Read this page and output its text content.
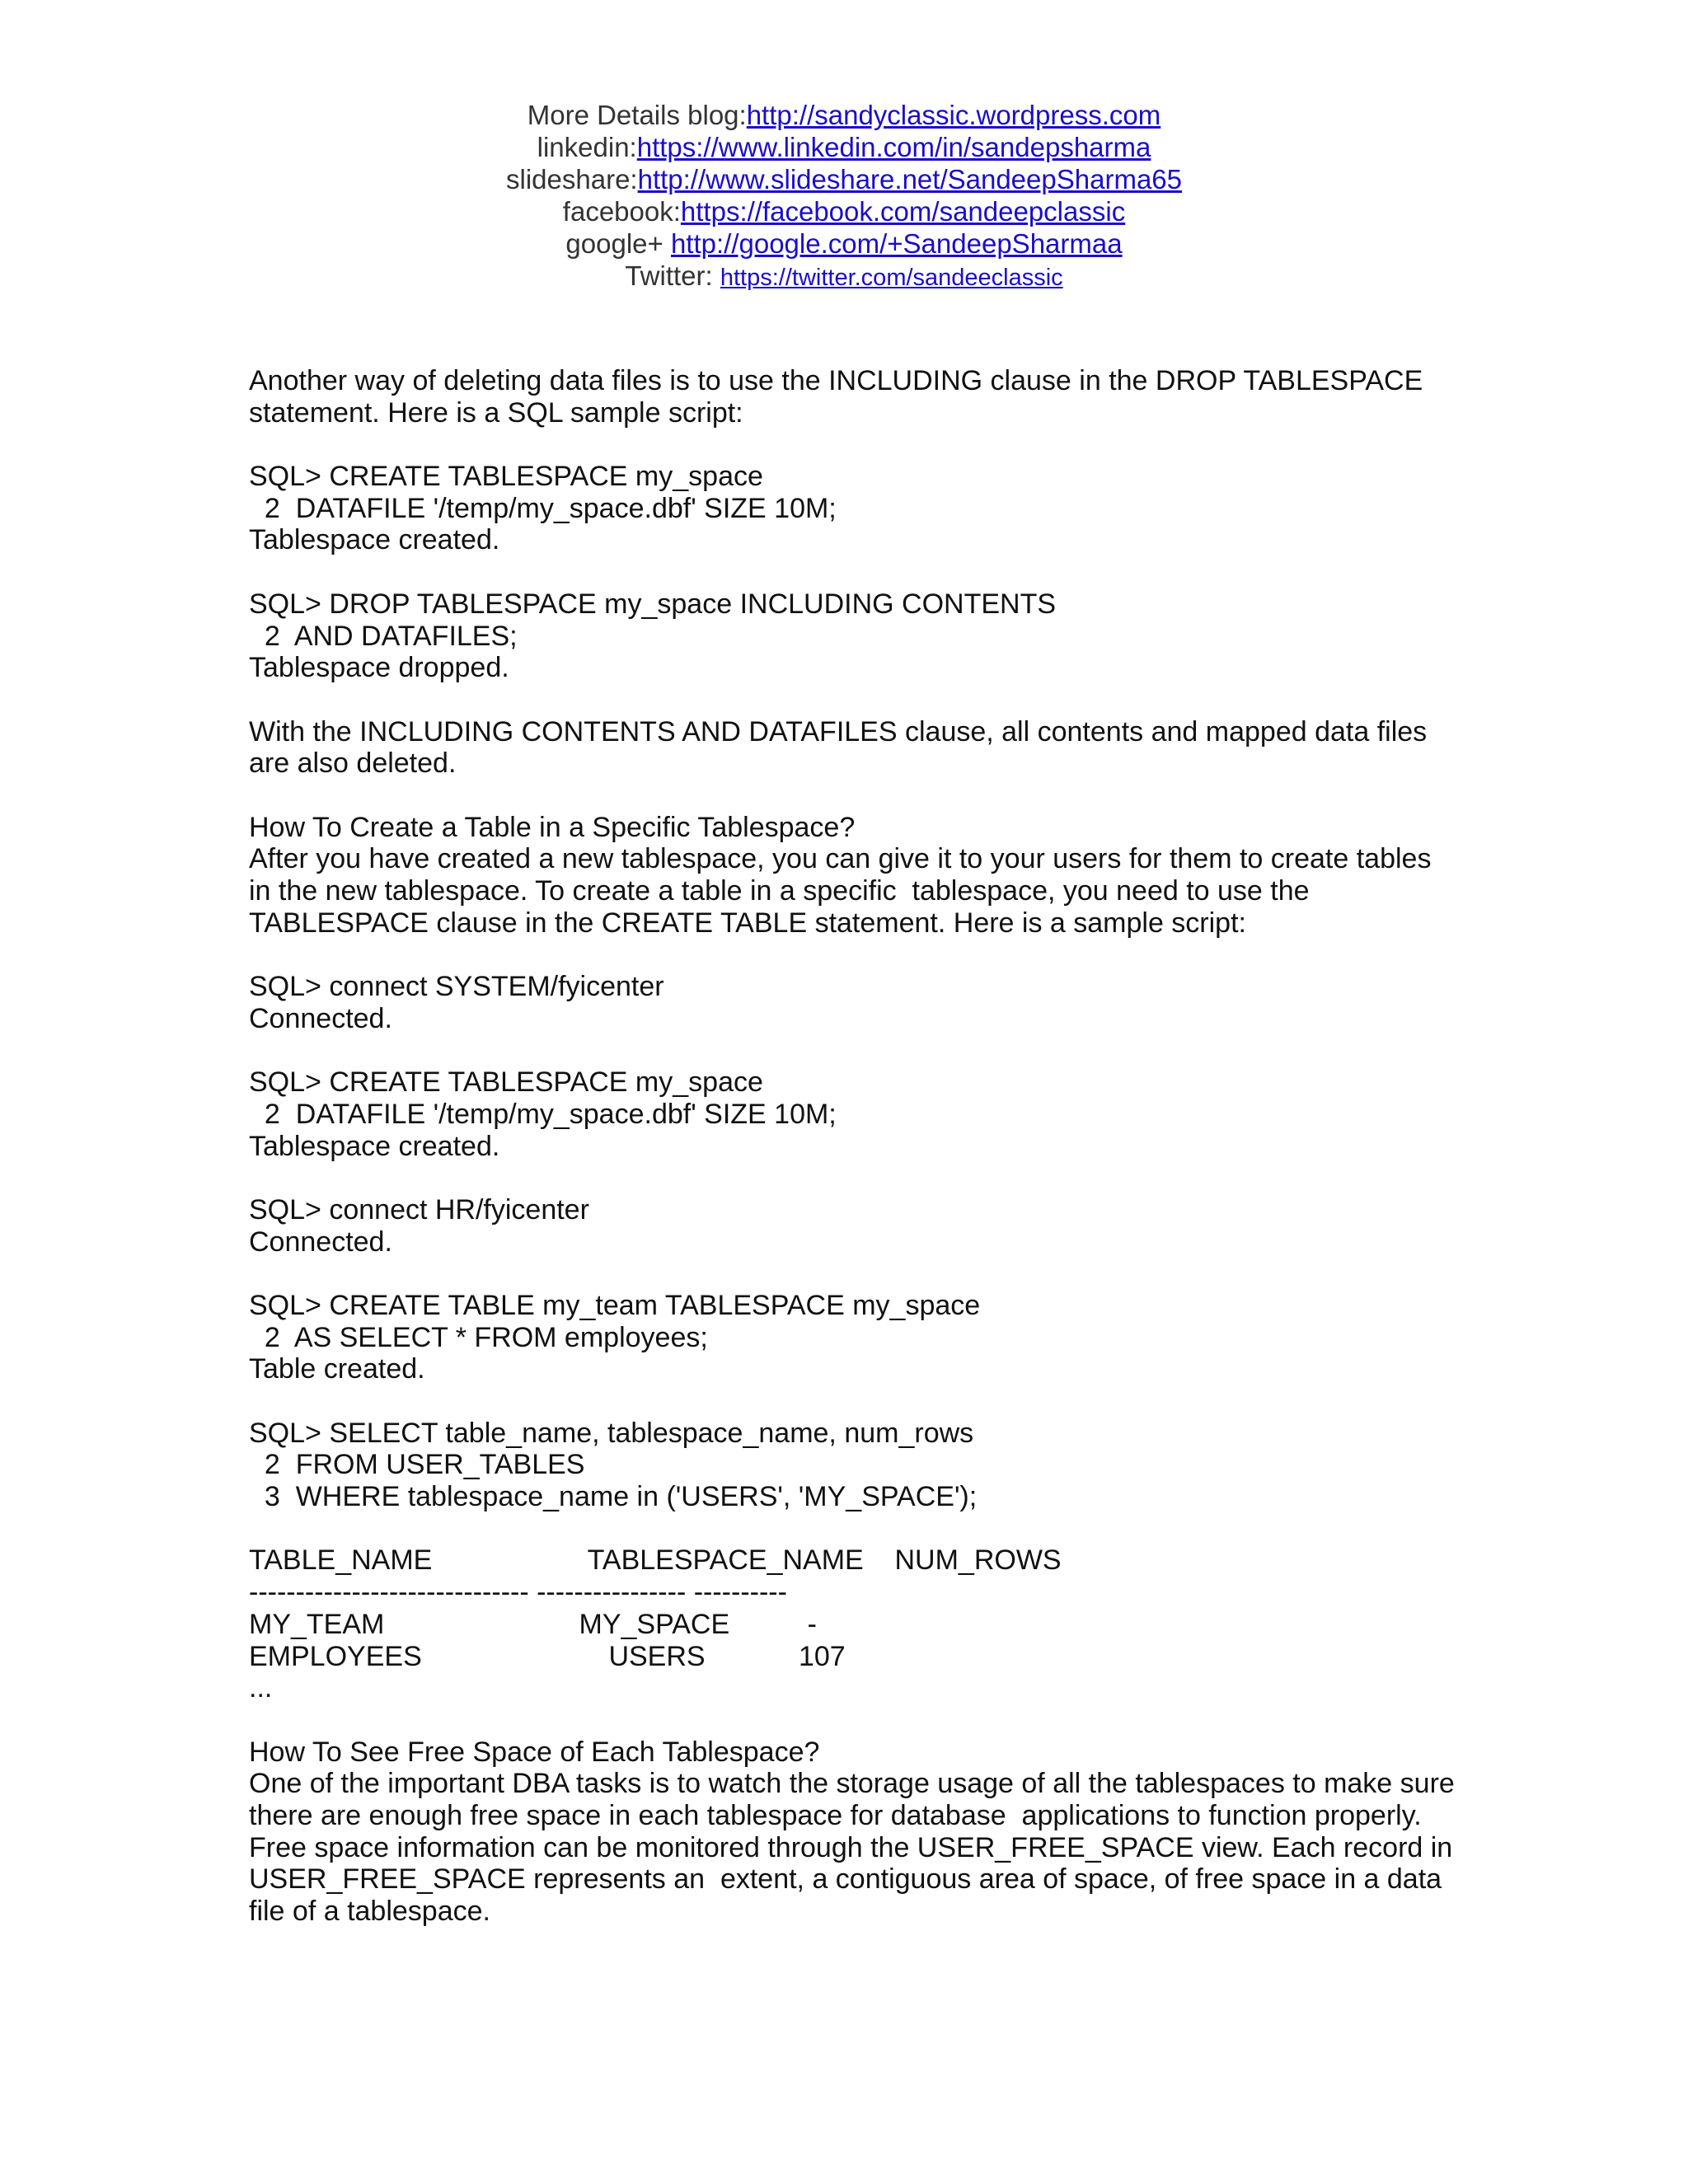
More Details blog:http://sandyclassic.wordpress.com
linkedin:https://www.linkedin.com/in/sandepsharma
slideshare:http://www.slideshare.net/SandeepSharma65
facebook:https://facebook.com/sandeepclassic
google+ http://google.com/+SandeepSharmaa
Twitter: https://twitter.com/sandeeclassic
Another way of deleting data files is to use the INCLUDING clause in the DROP TABLESPACE
statement. Here is a SQL sample script:
SQL> CREATE TABLESPACE my_space
2  DATAFILE '/temp/my_space.dbf' SIZE 10M;
Tablespace created.
SQL> DROP TABLESPACE my_space INCLUDING CONTENTS
2  AND DATAFILES;
Tablespace dropped.
With the INCLUDING CONTENTS AND DATAFILES clause, all contents and mapped data files
are also deleted.
How To Create a Table in a Specific Tablespace?
After you have created a new tablespace, you can give it to your users for them to create tables
in the new tablespace. To create a table in a specific  tablespace, you need to use the
TABLESPACE clause in the CREATE TABLE statement. Here is a sample script:
SQL> connect SYSTEM/fyicenter
Connected.
SQL> CREATE TABLESPACE my_space
2  DATAFILE '/temp/my_space.dbf' SIZE 10M;
Tablespace created.
SQL> connect HR/fyicenter
Connected.
SQL> CREATE TABLE my_team TABLESPACE my_space
2  AS SELECT * FROM employees;
Table created.
SQL> SELECT table_name, tablespace_name, num_rows
2  FROM USER_TABLES
3  WHERE tablespace_name in ('USERS', 'MY_SPACE');
TABLE_NAME                    TABLESPACE_NAME    NUM_ROWS
------------------------------ ---------------- ----------
MY_TEAM                         MY_SPACE          -
EMPLOYEES                        USERS            107
...
How To See Free Space of Each Tablespace?
One of the important DBA tasks is to watch the storage usage of all the tablespaces to make sure
there are enough free space in each tablespace for database  applications to function properly.
Free space information can be monitored through the USER_FREE_SPACE view. Each record in
USER_FREE_SPACE represents an  extent, a contiguous area of space, of free space in a data
file of a tablespace.
